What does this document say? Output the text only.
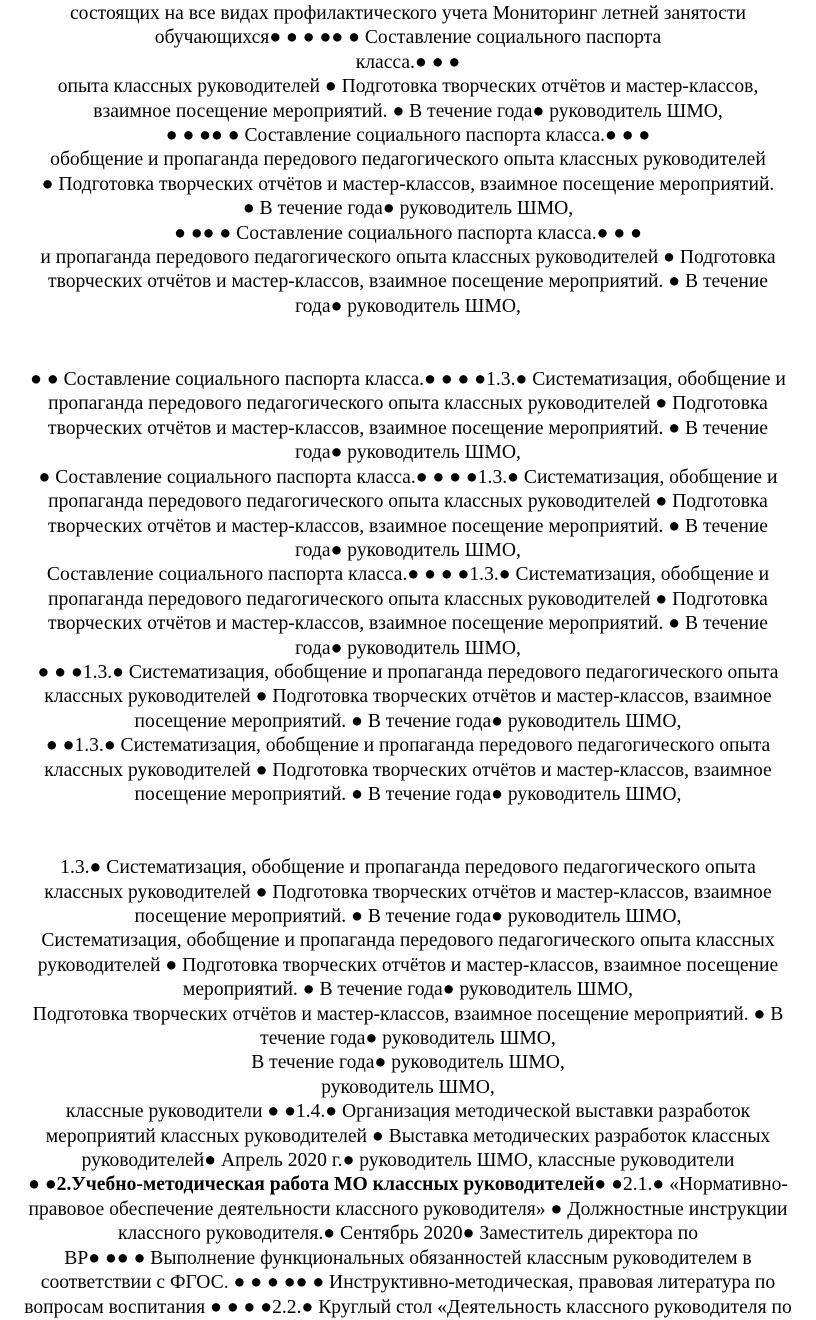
состоящих на все видах профилактического учета Мониторинг летней занятости
обучающихся● ● ● ●● ● Составление социального паспорта
класса.● ● ●
опыта классных руководителей ● Подготовка творческих отчётов и мастер-классов,
взаимное посещение мероприятий. ● В течение года● руководитель ШМО,
● ● ●● ● Составление социального паспорта класса.● ● ●
обобщение и пропаганда передового педагогического опыта классных руководителей
● Подготовка творческих отчётов и мастер-классов, взаимное посещение мероприятий.
● В течение года● руководитель ШМО,
● ●● ● Составление социального паспорта класса.● ● ●
и пропаганда передового педагогического опыта классных руководителей ● Подготовка
творческих отчётов и мастер-классов, взаимное посещение мероприятий. ● В течение
года● руководитель ШМО,

● ● Составление социального паспорта класса.● ● ● ●1.3.● Систематизация, обобщение и
пропаганда передового педагогического опыта классных руководителей ● Подготовка
творческих отчётов и мастер-классов, взаимное посещение мероприятий. ● В течение
года● руководитель ШМО,
● Составление социального паспорта класса.● ● ● ●1.3.● Систематизация, обобщение и
пропаганда передового педагогического опыта классных руководителей ● Подготовка
творческих отчётов и мастер-классов, взаимное посещение мероприятий. ● В течение
года● руководитель ШМО,
Составление социального паспорта класса.● ● ● ●1.3.● Систематизация, обобщение и
пропаганда передового педагогического опыта классных руководителей ● Подготовка
творческих отчётов и мастер-классов, взаимное посещение мероприятий. ● В течение
года● руководитель ШМО,
● ● ●1.3.● Систематизация, обобщение и пропаганда передового педагогического опыта
классных руководителей ● Подготовка творческих отчётов и мастер-классов, взаимное
посещение мероприятий. ● В течение года● руководитель ШМО,
● ●1.3.● Систематизация, обобщение и пропаганда передового педагогического опыта
классных руководителей ● Подготовка творческих отчётов и мастер-классов, взаимное
посещение мероприятий. ● В течение года● руководитель ШМО,

1.3.● Систематизация, обобщение и пропаганда передового педагогического опыта
классных руководителей ● Подготовка творческих отчётов и мастер-классов, взаимное
посещение мероприятий. ● В течение года● руководитель ШМО,
Систематизация, обобщение и пропаганда передового педагогического опыта классных
руководителей ● Подготовка творческих отчётов и мастер-классов, взаимное посещение
мероприятий. ● В течение года● руководитель ШМО,
Подготовка творческих отчётов и мастер-классов, взаимное посещение мероприятий. ● В
течение года● руководитель ШМО,
В течение года● руководитель ШМО,
руководитель ШМО,
классные руководители ● ●1.4.● Организация методической выставки разработок
мероприятий классных руководителей ● Выставка методических разработок классных
руководителей● Апрель 2020 г.● руководитель ШМО, классные руководители

● ●2.Учебно-методическая работа МО классных руководителей● ●2.1.● «Нормативно-
правовое обеспечение деятельности классного руководителя» ● Должностные инструкции
классного руководителя.● Сентябрь 2020● Заместитель директора по
ВР● ●● ● Выполнение функциональных обязанностей классным руководителем в
соответствии с ФГОС. ● ● ● ●● ● Инструктивно-методическая, правовая литература по
вопросам воспитания ● ● ● ●2.2.● Круглый стол «Деятельность классного руководителя по
